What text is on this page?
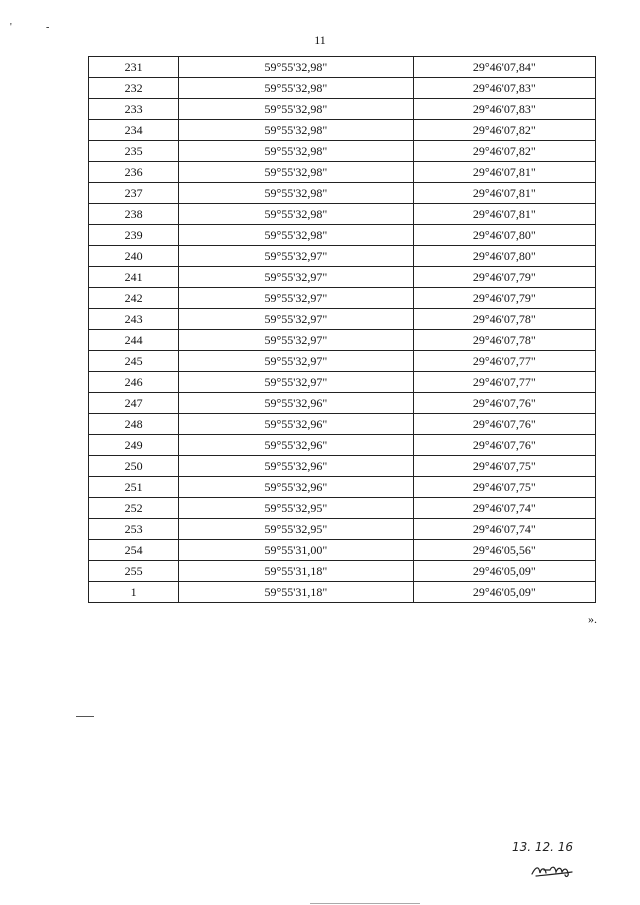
'	-
11
231	59°55'32,98"	29°46'07,84"
232	59°55'32,98"	29°46'07,83"
233	59°55'32,98"	29°46'07,83"
234	59°55'32,98"	29°46'07,82"
235	59°55'32,98"	29°46'07,82"
236	59°55'32,98"	29°46'07,81"
237	59°55'32,98"	29°46'07,81"
238	59°55'32,98"	29°46'07,81"
239	59°55'32,98"	29°46'07,80"
240	59°55'32,97"	29°46'07,80"
241	59°55'32,97"	29°46'07,79"
242	59°55'32,97"	29°46'07,79"
243	59°55'32,97"	29°46'07,78"
244	59°55'32,97"	29°46'07,78"
245	59°55'32,97"	29°46'07,77"
246	59°55'32,97"	29°46'07,77"
247	59°55'32,96"	29°46'07,76"
248	59°55'32,96"	29°46'07,76"
249	59°55'32,96"	29°46'07,76"
250	59°55'32,96"	29°46'07,75"
251	59°55'32,96"	29°46'07,75"
252	59°55'32,95"	29°46'07,74"
253	59°55'32,95"	29°46'07,74"
254	59°55'31,00"	29°46'05,56"
255	59°55'31,18"	29°46'05,09"
1	59°55'31,18"	29°46'05,09"
».
13. 12. 16
